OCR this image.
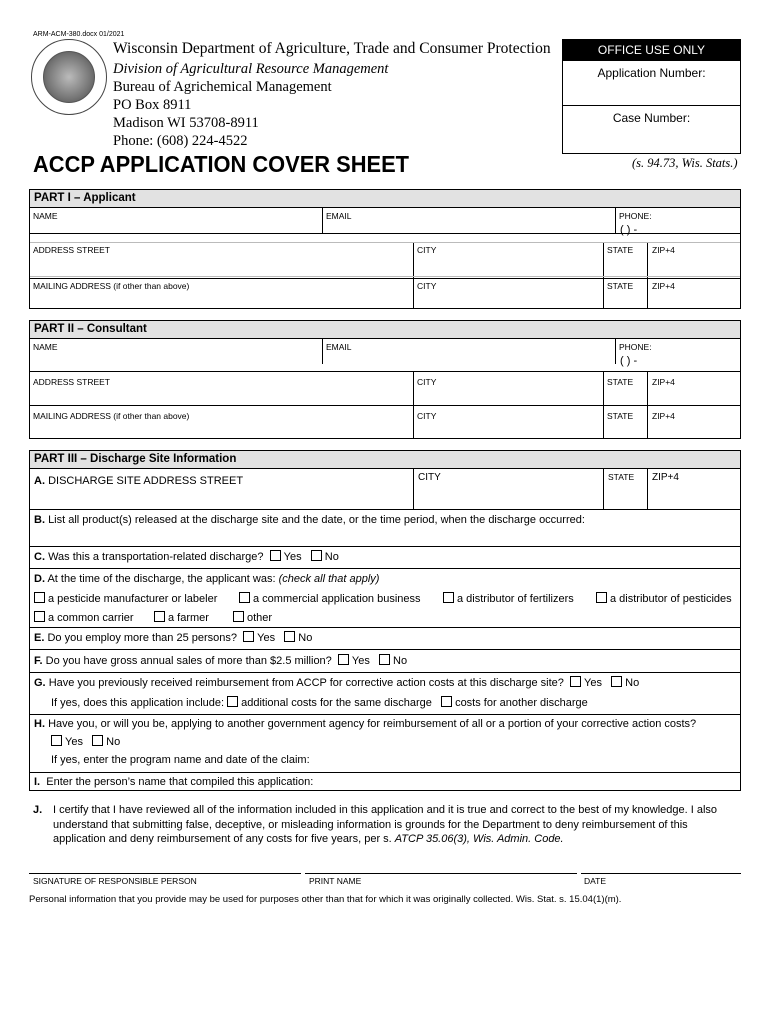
ARM-ACM-380.docx 01/2021
Wisconsin Department of Agriculture, Trade and Consumer Protection
Division of Agricultural Resource Management
Bureau of Agrichemical Management
PO Box 8911
Madison WI 53708-8911
Phone: (608) 224-4522
OFFICE USE ONLY
Application Number:
Case Number:
ACCP APPLICATION COVER SHEET	(s. 94.73, Wis. Stats.)
PART I – Applicant
NAME	EMAIL	PHONE:
( ) -
ADDRESS STREET	CITY	STATE	ZIP+4
MAILING ADDRESS (if other than above)	CITY	STATE	ZIP+4
PART II – Consultant
NAME	EMAIL	PHONE:
( ) -
ADDRESS STREET	CITY	STATE	ZIP+4
MAILING ADDRESS (if other than above)	CITY	STATE	ZIP+4
PART III – Discharge Site Information
A. DISCHARGE SITE ADDRESS STREET	CITY	STATE	ZIP+4
B. List all product(s) released at the discharge site and the date, or the time period, when the discharge occurred:
C. Was this a transportation-related discharge? Yes No
D. At the time of the discharge, the applicant was: (check all that apply)
a pesticide manufacturer or labeler	a commercial application business	a distributor of fertilizers	a distributor of pesticides
a common carrier	a farmer	other
E. Do you employ more than 25 persons? Yes No
F. Do you have gross annual sales of more than $2.5 million? Yes No
G. Have you previously received reimbursement from ACCP for corrective action costs at this discharge site? Yes No
If yes, does this application include: additional costs for the same discharge costs for another discharge
H. Have you, or will you be, applying to another government agency for reimbursement of all or a portion of your corrective action costs?
Yes No
If yes, enter the program name and date of the claim:
I. Enter the person’s name that compiled this application:
J. I certify that I have reviewed all of the information included in this application and it is true and correct to the best of my knowledge. I also
understand that submitting false, deceptive, or misleading information is grounds for the Department to deny reimbursement of this
application and deny reimbursement of any costs for five years, per s. ATCP 35.06(3), Wis. Admin. Code.
SIGNATURE OF RESPONSIBLE PERSON	PRINT NAME	DATE
Personal information that you provide may be used for purposes other than that for which it was originally collected. Wis. Stat. s. 15.04(1)(m).
